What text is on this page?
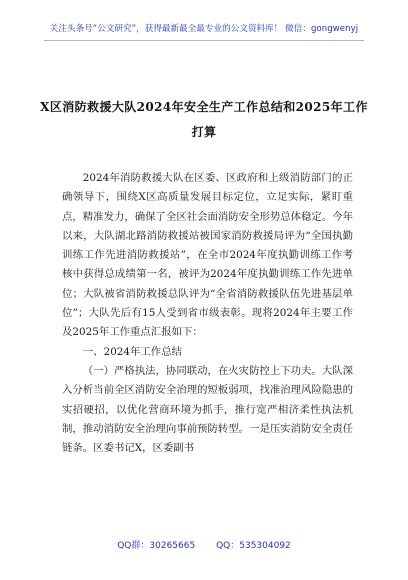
关注头条号“公文研究”，获得最新最全最专业的公文资料库！ 微信：gongwenyj
X区消防救援大队2024年安全生产工作总结和2025年工作
打算

2024年消防救援大队在区委、区政府和上级消防部门的正确领导下，围绕X区高质量发展目标定位，立足实际，紧盯重点，精准发力，确保了全区社会面消防安全形势总体稳定。今年以来，大队湖北路消防救援站被国家消防救援局评为“全国执勤训练工作先进消防救援站”，在全市2024年度执勤训练工作考核中获得总成绩第一名，被评为2024年度执勤训练工作先进单位；大队被省消防救援总队评为“全省消防救援队伍先进基层单位”；大队先后有15人受到省市级表彰。现将2024年主要工作及2025年工作重点汇报如下：

一、2024年工作总结

（一）严格执法，协同联动，在火灾防控上下功夫。大队深入分析当前全区消防安全治理的短板弱项，找准治理风险隐患的实招硬招，以优化营商环境为抓手，推行宽严相济柔性执法机制，推动消防安全治理向事前预防转型。一是压实消防安全责任链条。区委书记X，区委副书

QQ群：30265665 QQ：535304092
